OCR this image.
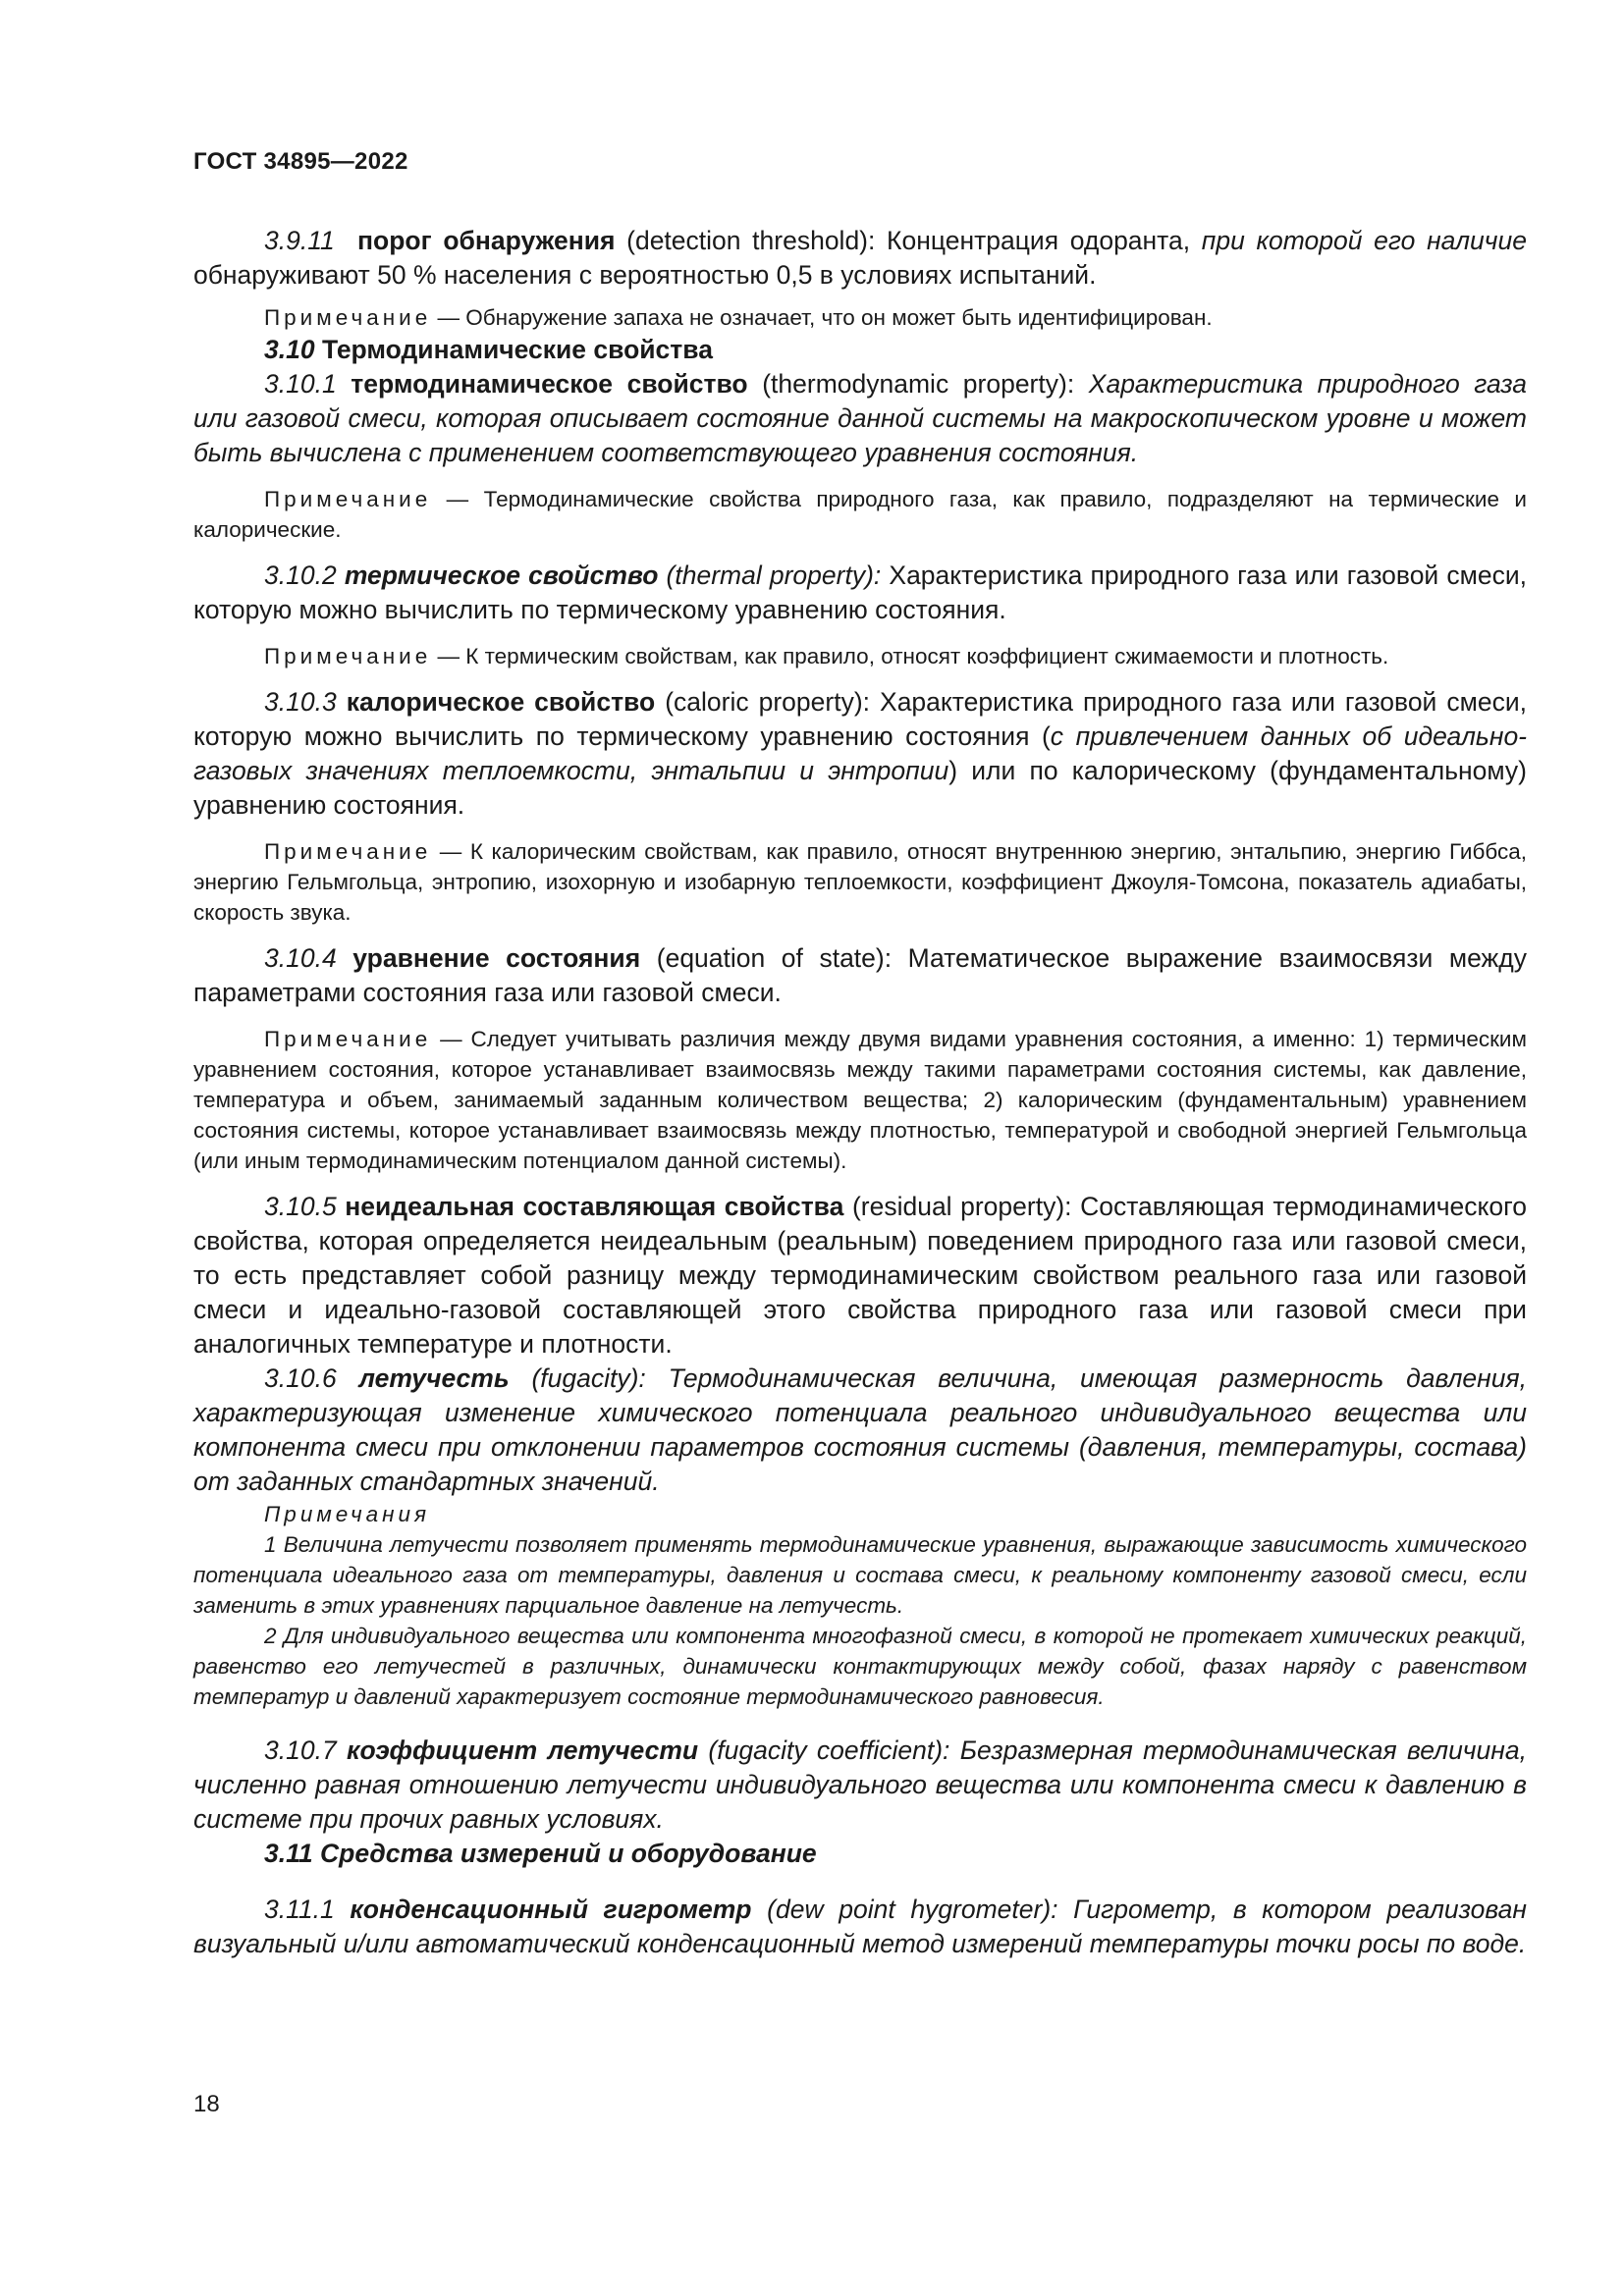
ГОСТ 34895—2022

3.9.11 порог обнаружения (detection threshold): Концентрация одоранта, при которой его наличие обнаруживают 50 % населения с вероятностью 0,5 в условиях испытаний.

Примечание — Обнаружение запаха не означает, что он может быть идентифицирован.

3.10 Термодинамические свойства

3.10.1 термодинамическое свойство (thermodynamic property): Характеристика природного газа или газовой смеси, которая описывает состояние данной системы на макроскопическом уровне и может быть вычислена с применением соответствующего уравнения состояния.

Примечание — Термодинамические свойства природного газа, как правило, подразделяют на термические и калорические.

3.10.2 термическое свойство (thermal property): Характеристика природного газа или газовой смеси, которую можно вычислить по термическому уравнению состояния.

Примечание — К термическим свойствам, как правило, относят коэффициент сжимаемости и плотность.

3.10.3 калорическое свойство (caloric property): Характеристика природного газа или газовой смеси, которую можно вычислить по термическому уравнению состояния (с привлечением данных об идеально-газовых значениях теплоемкости, энтальпии и энтропии) или по калорическому (фундаментальному) уравнению состояния.

Примечание — К калорическим свойствам, как правило, относят внутреннюю энергию, энтальпию, энергию Гиббса, энергию Гельмгольца, энтропию, изохорную и изобарную теплоемкости, коэффициент Джоуля-Томсона, показатель адиабаты, скорость звука.

3.10.4 уравнение состояния (equation of state): Математическое выражение взаимосвязи между параметрами состояния газа или газовой смеси.

Примечание — Следует учитывать различия между двумя видами уравнения состояния, а именно: 1) термическим уравнением состояния, которое устанавливает взаимосвязь между такими параметрами состояния системы, как давление, температура и объем, занимаемый заданным количеством вещества; 2) калорическим (фундаментальным) уравнением состояния системы, которое устанавливает взаимосвязь между плотностью, температурой и свободной энергией Гельмгольца (или иным термодинамическим потенциалом данной системы).

3.10.5 неидеальная составляющая свойства (residual property): Составляющая термодинамического свойства, которая определяется неидеальным (реальным) поведением природного газа или газовой смеси, то есть представляет собой разницу между термодинамическим свойством реального газа или газовой смеси и идеально-газовой составляющей этого свойства природного газа или газовой смеси при аналогичных температуре и плотности.

3.10.6 летучесть (fugacity): Термодинамическая величина, имеющая размерность давления, характеризующая изменение химического потенциала реального индивидуального вещества или компонента смеси при отклонении параметров состояния системы (давления, температуры, состава) от заданных стандартных значений.

Примечания

1 Величина летучести позволяет применять термодинамические уравнения, выражающие зависимость химического потенциала идеального газа от температуры, давления и состава смеси, к реальному компоненту газовой смеси, если заменить в этих уравнениях парциальное давление на летучесть.

2 Для индивидуального вещества или компонента многофазной смеси, в которой не протекает химических реакций, равенство его летучестей в различных, динамически контактирующих между собой, фазах наряду с равенством температур и давлений характеризует состояние термодинамического равновесия.

3.10.7 коэффициент летучести (fugacity coefficient): Безразмерная термодинамическая величина, численно равная отношению летучести индивидуального вещества или компонента смеси к давлению в системе при прочих равных условиях.

3.11 Средства измерений и оборудование

3.11.1 конденсационный гигрометр (dew point hygrometer): Гигрометр, в котором реализован визуальный и/или автоматический конденсационный метод измерений температуры точки росы по воде.

18
